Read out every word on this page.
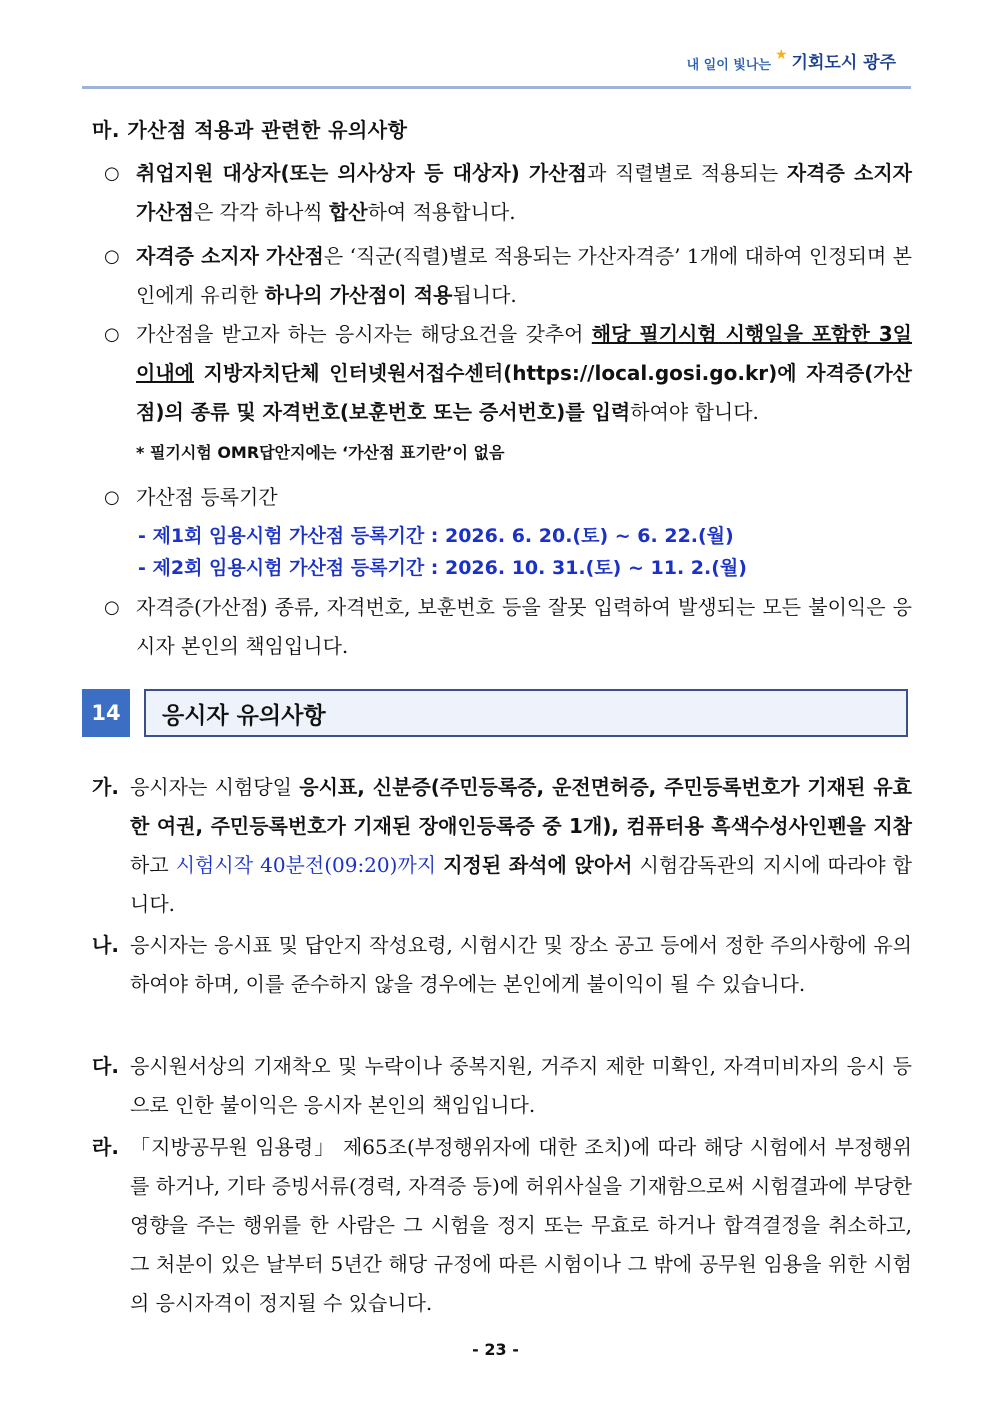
내 일이 빛나는
★ 기회도시 광주
마. 가산점 적용과 관련한 유의사항
○ 취업지원 대상자(또는 의사상자 등 대상자) 가산점과 직렬별로 적용되는 자격증 소지자 가산점은 각각 하나씩 합산하여 적용합니다.
○ 자격증 소지자 가산점은 ‘직군(직렬)별로 적용되는 가산자격증’ 1개에 대하여 인정되며 본인에게 유리한 하나의 가산점이 적용됩니다.
○ 가산점을 받고자 하는 응시자는 해당요건을 갖추어 해당 필기시험 시행일을 포함한 3일 이내에 지방자치단체 인터넷원서접수센터(https://local.gosi.go.kr)에 자격증(가산점)의 종류 및 자격번호(보훈번호 또는 증서번호)를 입력하여야 합니다.
* 필기시험 OMR답안지에는 ‘가산점 표기란’이 없음
○ 가산점 등록기간
- 제1회 임용시험 가산점 등록기간 : 2026. 6. 20.(토) ~ 6. 22.(월)
- 제2회 임용시험 가산점 등록기간 : 2026. 10. 31.(토) ~ 11. 2.(월)
○ 자격증(가산점) 종류, 자격번호, 보훈번호 등을 잘못 입력하여 발생되는 모든 불이익은 응시자 본인의 책임입니다.
14	응시자 유의사항
가. 응시자는 시험당일 응시표, 신분증(주민등록증, 운전면허증, 주민등록번호가 기재된 유효한 여권, 주민등록번호가 기재된 장애인등록증 중 1개), 컴퓨터용 흑색수성사인펜을 지참하고 시험시작 40분전(09:20)까지 지정된 좌석에 앉아서 시험감독관의 지시에 따라야 합니다.
나. 응시자는 응시표 및 답안지 작성요령, 시험시간 및 장소 공고 등에서 정한 주의사항에 유의하여야 하며, 이를 준수하지 않을 경우에는 본인에게 불이익이 될 수 있습니다.
다. 응시원서상의 기재착오 및 누락이나 중복지원, 거주지 제한 미확인, 자격미비자의 응시 등으로 인한 불이익은 응시자 본인의 책임입니다.
라. 「지방공무원 임용령」 제65조(부정행위자에 대한 조치)에 따라 해당 시험에서 부정행위를 하거나, 기타 증빙서류(경력, 자격증 등)에 허위사실을 기재함으로써 시험결과에 부당한 영향을 주는 행위를 한 사람은 그 시험을 정지 또는 무효로 하거나 합격결정을 취소하고, 그 처분이 있은 날부터 5년간 해당 규정에 따른 시험이나 그 밖에 공무원 임용을 위한 시험의 응시자격이 정지될 수 있습니다.
- 23 -
